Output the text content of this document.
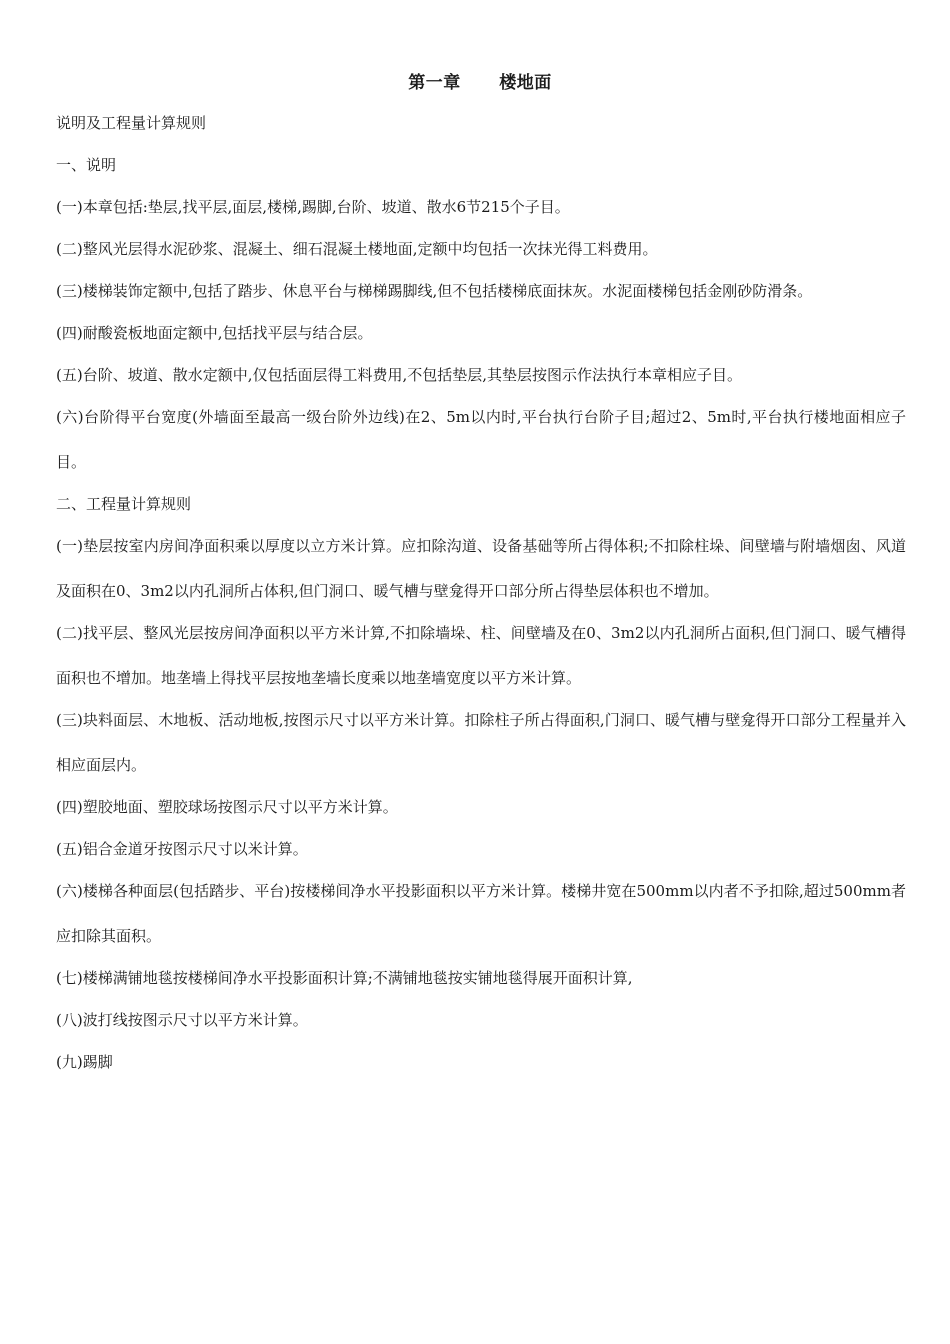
第一章      楼地面

说明及工程量计算规则

一、说明

(一)本章包括:垫层,找平层,面层,楼梯,踢脚,台阶、坡道、散水6节215个子目。

(二)整风光层得水泥砂浆、混凝土、细石混凝土楼地面,定额中均包括一次抹光得工料费用。

(三)楼梯装饰定额中,包括了踏步、休息平台与梯梯踢脚线,但不包括楼梯底面抹灰。水泥面楼梯包括金刚砂防滑条。

(四)耐酸瓷板地面定额中,包括找平层与结合层。

(五)台阶、坡道、散水定额中,仅包括面层得工料费用,不包括垫层,其垫层按图示作法执行本章相应子目。

(六)台阶得平台宽度(外墙面至最高一级台阶外边线)在2、5m以内时,平台执行台阶子目;超过2、5m时,平台执行楼地面相应子目。

二、工程量计算规则

(一)垫层按室内房间净面积乘以厚度以立方米计算。应扣除沟道、设备基础等所占得体积;不扣除柱垛、间壁墙与附墙烟囱、风道及面积在0、3m2以内孔洞所占体积,但门洞口、暖气槽与壁龛得开口部分所占得垫层体积也不增加。

(二)找平层、整风光层按房间净面积以平方米计算,不扣除墙垛、柱、间壁墙及在0、3m2以内孔洞所占面积,但门洞口、暖气槽得面积也不增加。地垄墙上得找平层按地垄墙长度乘以地垄墙宽度以平方米计算。

(三)块料面层、木地板、活动地板,按图示尺寸以平方米计算。扣除柱子所占得面积,门洞口、暖气槽与壁龛得开口部分工程量并入相应面层内。

(四)塑胶地面、塑胶球场按图示尺寸以平方米计算。

(五)铝合金道牙按图示尺寸以米计算。

(六)楼梯各种面层(包括踏步、平台)按楼梯间净水平投影面积以平方米计算。楼梯井宽在500mm以内者不予扣除,超过500mm者应扣除其面积。

(七)楼梯满铺地毯按楼梯间净水平投影面积计算;不满铺地毯按实铺地毯得展开面积计算,

(八)波打线按图示尺寸以平方米计算。

(九)踢脚
